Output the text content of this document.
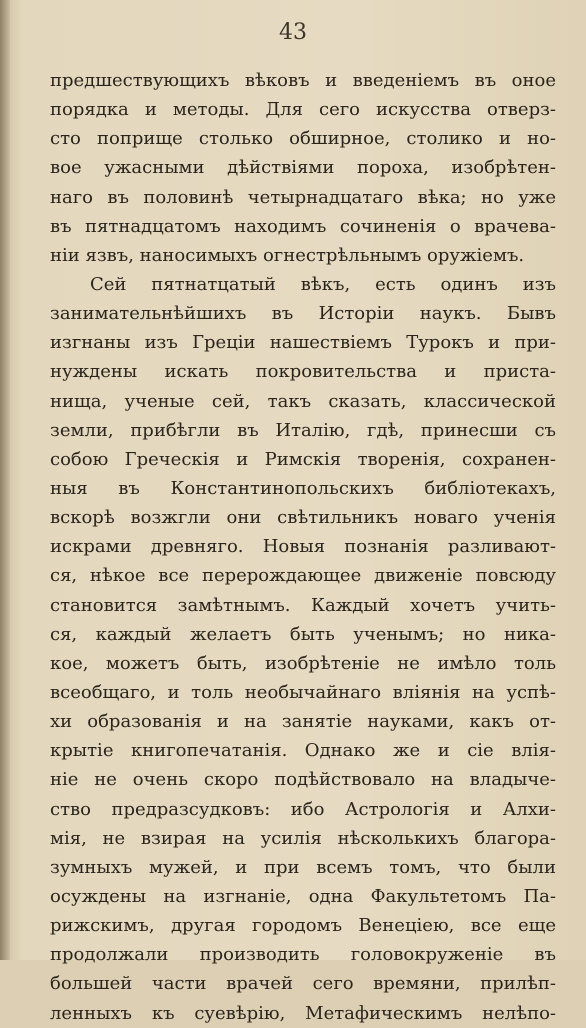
43
предшествующихъ вѣковъ и введеніемъ въ оное
порядка и методы. Для сего искусства отверз-
сто поприще столько обширное, столико и но-
вое ужасными дѣйствіями пороха, изобрѣтен-
наго въ половинѣ четырнадцатаго вѣка; но уже
въ пятнадцатомъ находимъ сочиненія о врачева-
ніи язвъ, наносимыхъ огнестрѣльнымъ оружіемъ.
Сей пятнатцатый вѣкъ, есть одинъ изъ
занимательнѣйшихъ въ Исторіи наукъ. Бывъ
изгнаны изъ Греціи нашествіемъ Турокъ и при-
нуждены искать покровительства и приста-
нища, ученые сей, такъ сказать, классической
земли, прибѣгли въ Италію, гдѣ, принесши съ
собою Греческія и Римскія творенія, сохранен-
ныя въ Константинопольскихъ библіотекахъ,
вскорѣ возжгли они свѣтильникъ новаго ученія
искрами древняго. Новыя познанія разливают-
ся, нѣкое все перерождающее движеніе повсюду
становится замѣтнымъ. Каждый хочетъ учить-
ся, каждый желаетъ быть ученымъ; но ника-
кое, можетъ быть, изобрѣтеніе не имѣло толь
всеобщаго, и толь необычайнаго вліянія на успѣ-
хи образованія и на занятіе науками, какъ от-
крытіе книгопечатанія. Однако же и сіе влія-
ніе не очень скоро подѣйствовало на владыче-
ство предразсудковъ: ибо Астрологія и Алхи-
мія, не взирая на усилія нѣсколькихъ благора-
зумныхъ мужей, и при всемъ томъ, что были
осуждены на изгнаніе, одна Факультетомъ Па-
рижскимъ, другая городомъ Венеціею, все еще
продолжали производить головокруженіе въ
большей части врачей сего времяни, прилѣп-
ленныхъ къ суевѣрію, Метафическимъ нелѣпо-
